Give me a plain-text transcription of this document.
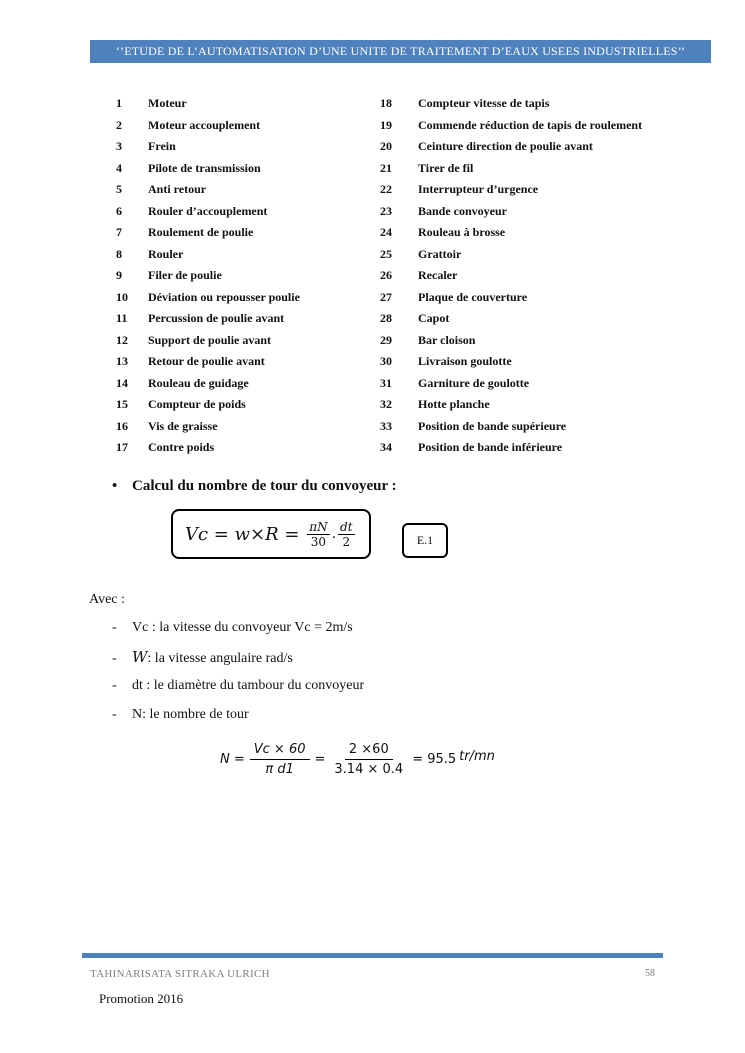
‘’ETUDE DE L’AUTOMATISATION D’UNE UNITE DE TRAITEMENT D’EAUX USEES INDUSTRIELLES’’
1	Moteur	18	Compteur vitesse de tapis
2	Moteur accouplement	19	Commende réduction de tapis de roulement
3	Frein	20	Ceinture direction de poulie avant
4	Pilote de transmission	21	Tirer de fil
5	Anti retour	22	Interrupteur d’urgence
6	Rouler d’accouplement	23	Bande convoyeur
7	Roulement de poulie	24	Rouleau à brosse
8	Rouler	25	Grattoir
9	Filer de poulie	26	Recaler
10	Déviation ou repousser poulie	27	Plaque de couverture
11	Percussion de poulie avant	28	Capot
12	Support de poulie avant	29	Bar cloison
13	Retour de poulie avant	30	Livraison goulotte
14	Rouleau de guidage	31	Garniture de goulotte
15	Compteur de poids	32	Hotte planche
16	Vis de graisse	33	Position de bande supérieure
17	Contre poids	34	Position de bande inférieure
• Calcul du nombre de tour du convoyeur :
$Vc = w\times R = \frac{\pi N}{30}$ . $\frac{dt}{2}$	E.1
Avec :
- Vc : la vitesse du convoyeur Vc = 2m/s
- W: la vitesse angulaire rad/s
- dt : le diamètre du tambour du convoyeur
- N: le nombre de tour
$N = \frac{Vc \times 60}{\text{π d1}} = \frac{2 \times 60}{3.14 \times 0.4} = 95.5$ tr/mn
TAHINARISATA SITRAKA ULRICH	58
Promotion 2016
